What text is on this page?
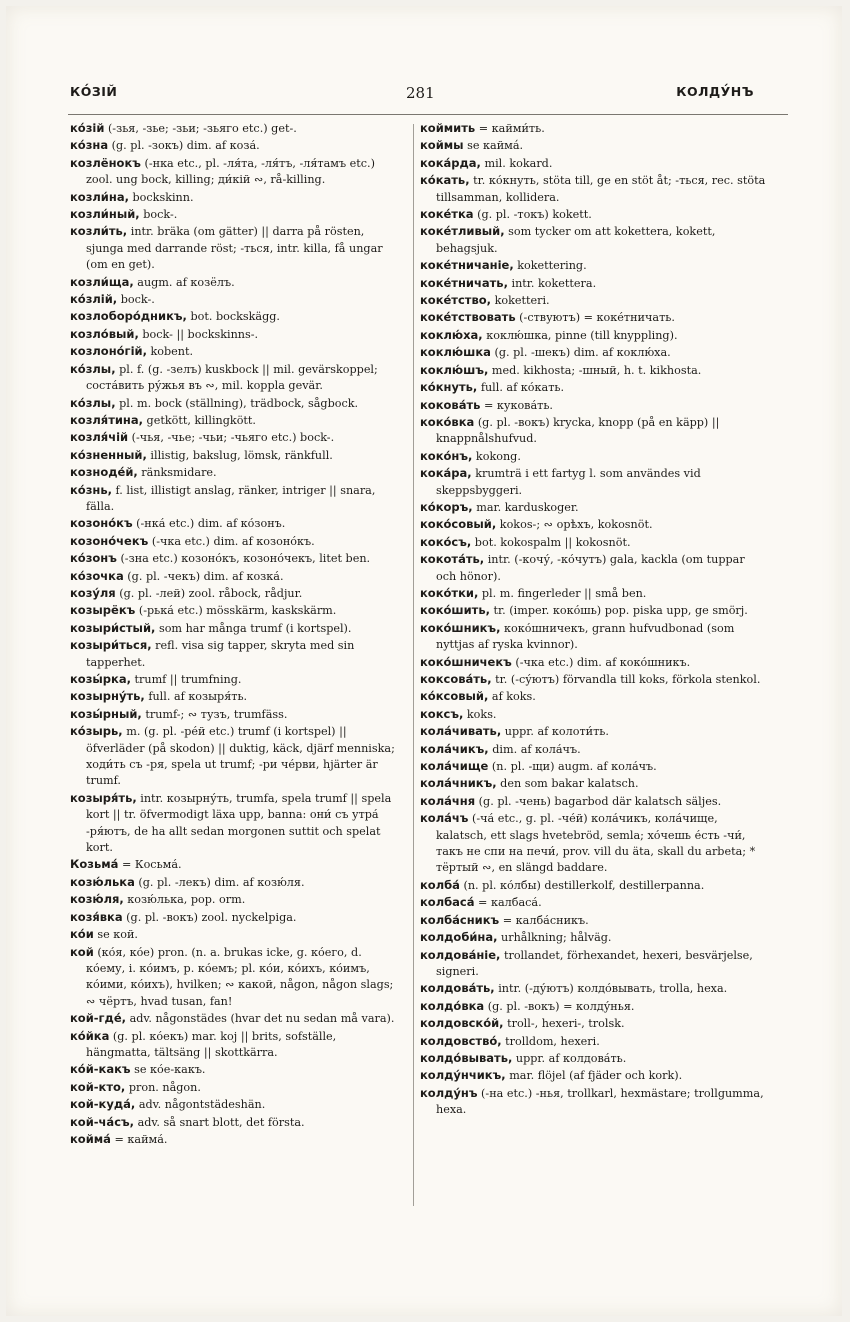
КО́ЗІЙ	281	КОЛДУ́НЪ
ко́зій (-зья, -зье; -зьи; -зьяго etc.) get-.
ко́зна (g. pl. -зокъ) dim. af коза́.
козлёнокъ (-нка etc., pl. -ля́та, -ля́тъ, -ля́тамъ etc.) zool. ung bock, killing; ди́кій ∾, rå-killing.
козли́на, bockskinn.
козли́ный, bock-.
козли́ть, intr. bräka (om gätter) || darra på rösten, sjunga med darrande röst; -ться, intr. killa, få ungar (om en get).
козли́ща, augm. af козёлъ.
ко́злій, bock-.
козлоборо́дникъ, bot. bockskägg.
козло́вый, bock- || bockskinns-.
козлоно́гій, kobent.
ко́злы, pl. f. (g. -зелъ) kuskbock || mil. gevärskoppel; соста́вить ру́жья въ ∾, mil. koppla gevär.
ко́злы, pl. m. bock (ställning), trädbock, sågbock.
козля́тина, getkött, killingkött.
козля́чій (-чья, -чье; -чьи; -чьяго etc.) bock-.
ко́зненный, illistig, bakslug, lömsk, ränkfull.
козноде́й, ränksmidare.
ко́знь, f. list, illistigt anslag, ränker, intriger || snara, fälla.
козоно́къ (-нка́ etc.) dim. af ко́зонъ.
козоно́чекъ (-чка etc.) dim. af козоно́къ.
ко́зонъ (-зна etc.) козоно́къ, козоно́чекъ, litet ben.
ко́зочка (g. pl. -чекъ) dim. af козка́.
козу́ля (g. pl. -лей) zool. råbock, rådjur.
козырёкъ (-рька́ etc.) mösskärm, kaskskärm.
козыри́стый, som har många trumf (i kortspel).
козыри́ться, refl. visa sig tapper, skryta med sin tapperhet.
козы́рка, trumf || trumfning.
козырну́ть, full. af козыря́ть.
козы́рный, trumf-; ∾ тузъ, trumfäss.
ко́зырь, m. (g. pl. -ре́й etc.) trumf (i kortspel) || öfverläder (på skodon) || duktig, käck, djärf menniska; ходи́ть съ -ря, spela ut trumf; -ри че́рви, hjärter är trumf.
козыря́ть, intr. козырну́ть, trumfa, spela trumf || spela kort || tr. öfvermodigt läxa upp, banna: они́ съ утра́ -ря́ютъ, de ha allt sedan morgonen suttit och spelat kort.
Козьма́ = Косьма́.
козю́лька (g. pl. -лекъ) dim. af козю́ля.
козю́ля, козю́лька, pop. orm.
козя́вка (g. pl. -вокъ) zool. nyckelpiga.
ко́и se кой.
кой (ко́я, ко́е) pron. (n. a. brukas icke, g. ко́его, d. ко́ему, i. ко́имъ, p. ко́емъ; pl. ко́и, ко́ихъ, ко́имъ, ко́ими, ко́ихъ), hvilken; ∾ какой, någon, någon slags; ∾ чёртъ, hvad tusan, fan!
кой-где́, adv. någonstädes (hvar det nu sedan må vara).
ко́йка (g. pl. ко́екъ) mar. koj || brits, sofställe, hängmatta, tältsäng || skottkärra.
ко́й-какъ se ко́е-какъ.
кой-кто, pron. någon.
кой-куда́, adv. någontstädeshän.
кой-ча́съ, adv. så snart blott, det första.
койма́ = кайма́.
коймить = кайми́ть.
коймы se каймá.
кока́рда, mil. kokard.
ко́кать, tr. ко́кнуть, stöta till, ge en stöt åt; -ться, rec. stöta tillsamman, kollidera.
коке́тка (g. pl. -токъ) kokett.
коке́тливый, som tycker om att kokettera, kokett, behagsjuk.
коке́тничаніе, kokettering.
коке́тничать, intr. kokettera.
коке́тство, koketteri.
коке́тствовать (-ствуютъ) = коке́тничать.
коклю́ха, коклю́шка, pinne (till knyppling).
коклю́шка (g. pl. -шекъ) dim. af коклю́ха.
коклю́шъ, med. kikhosta; -шный, h. t. kikhosta.
ко́кнуть, full. af ко́кать.
кокова́ть = кукова́ть.
коко́вка (g. pl. -вокъ) krycka, knopp (på en käpp) || knappnålshufvud.
коко́нъ, kokong.
кока́ра, krumträ i ett fartyg l. som användes vid skeppsbyggeri.
ко́коръ, mar. karduskoger.
коко́совый, kokos-; ∾ орѣхъ, kokosnöt.
коко́съ, bot. kokospalm || kokosnöt.
кокота́ть, intr. (-кочу́, -ко́чутъ) gala, kackla (om tuppar och hönor).
коко́тки, pl. m. fingerleder || små ben.
коко́шить, tr. (imper. коко́шь) pop. piska upp, ge smörj.
коко́шникъ, коко́шничекъ, grann hufvudbonad (som nyttjas af ryska kvinnor).
коко́шничекъ (-чка etc.) dim. af коко́шникъ.
коксова́ть, tr. (-су́ютъ) förvandla till koks, förkola stenkol.
ко́ксовый, af koks.
коксъ, koks.
кола́чивать, uppr. af колоти́ть.
кола́чикъ, dim. af кола́чъ.
кола́чище (n. pl. -щи) augm. af кола́чъ.
кола́чникъ, den som bakar kalatsch.
кола́чня (g. pl. -чень) bagarbod där kalatsch säljes.
кола́чъ (-ча́ etc., g. pl. -че́й) кола́чикъ, кола́чище, kalatsch, ett slags hvetebröd, semla; хо́чешь е́сть -чи́, такъ не спи на печи́, prov. vill du äta, skall du arbeta; * тёртый ∾, en slängd baddare.
колба́ (n. pl. ко́лбы) destillerkolf, destillerpanna.
колбаса́ = калбаса́.
колба́сникъ = калба́сникъ.
колдоби́на, urhålkning; hålväg.
колдова́ніе, trollandet, förhexandet, hexeri, besvärjelse, signeri.
колдова́ть, intr. (-ду́ютъ) колдо́вывать, trolla, hexa.
колдо́вка (g. pl. -вокъ) = колду́нья.
колдовско́й, troll-, hexeri-, trolsk.
колдовство́, trolldom, hexeri.
колдо́вывать, uppr. af колдова́ть.
колду́нчикъ, mar. flöjel (af fjäder och kork).
колду́нъ (-на etc.) -нья, trollkarl, hexmästare; trollgumma, hexa.
